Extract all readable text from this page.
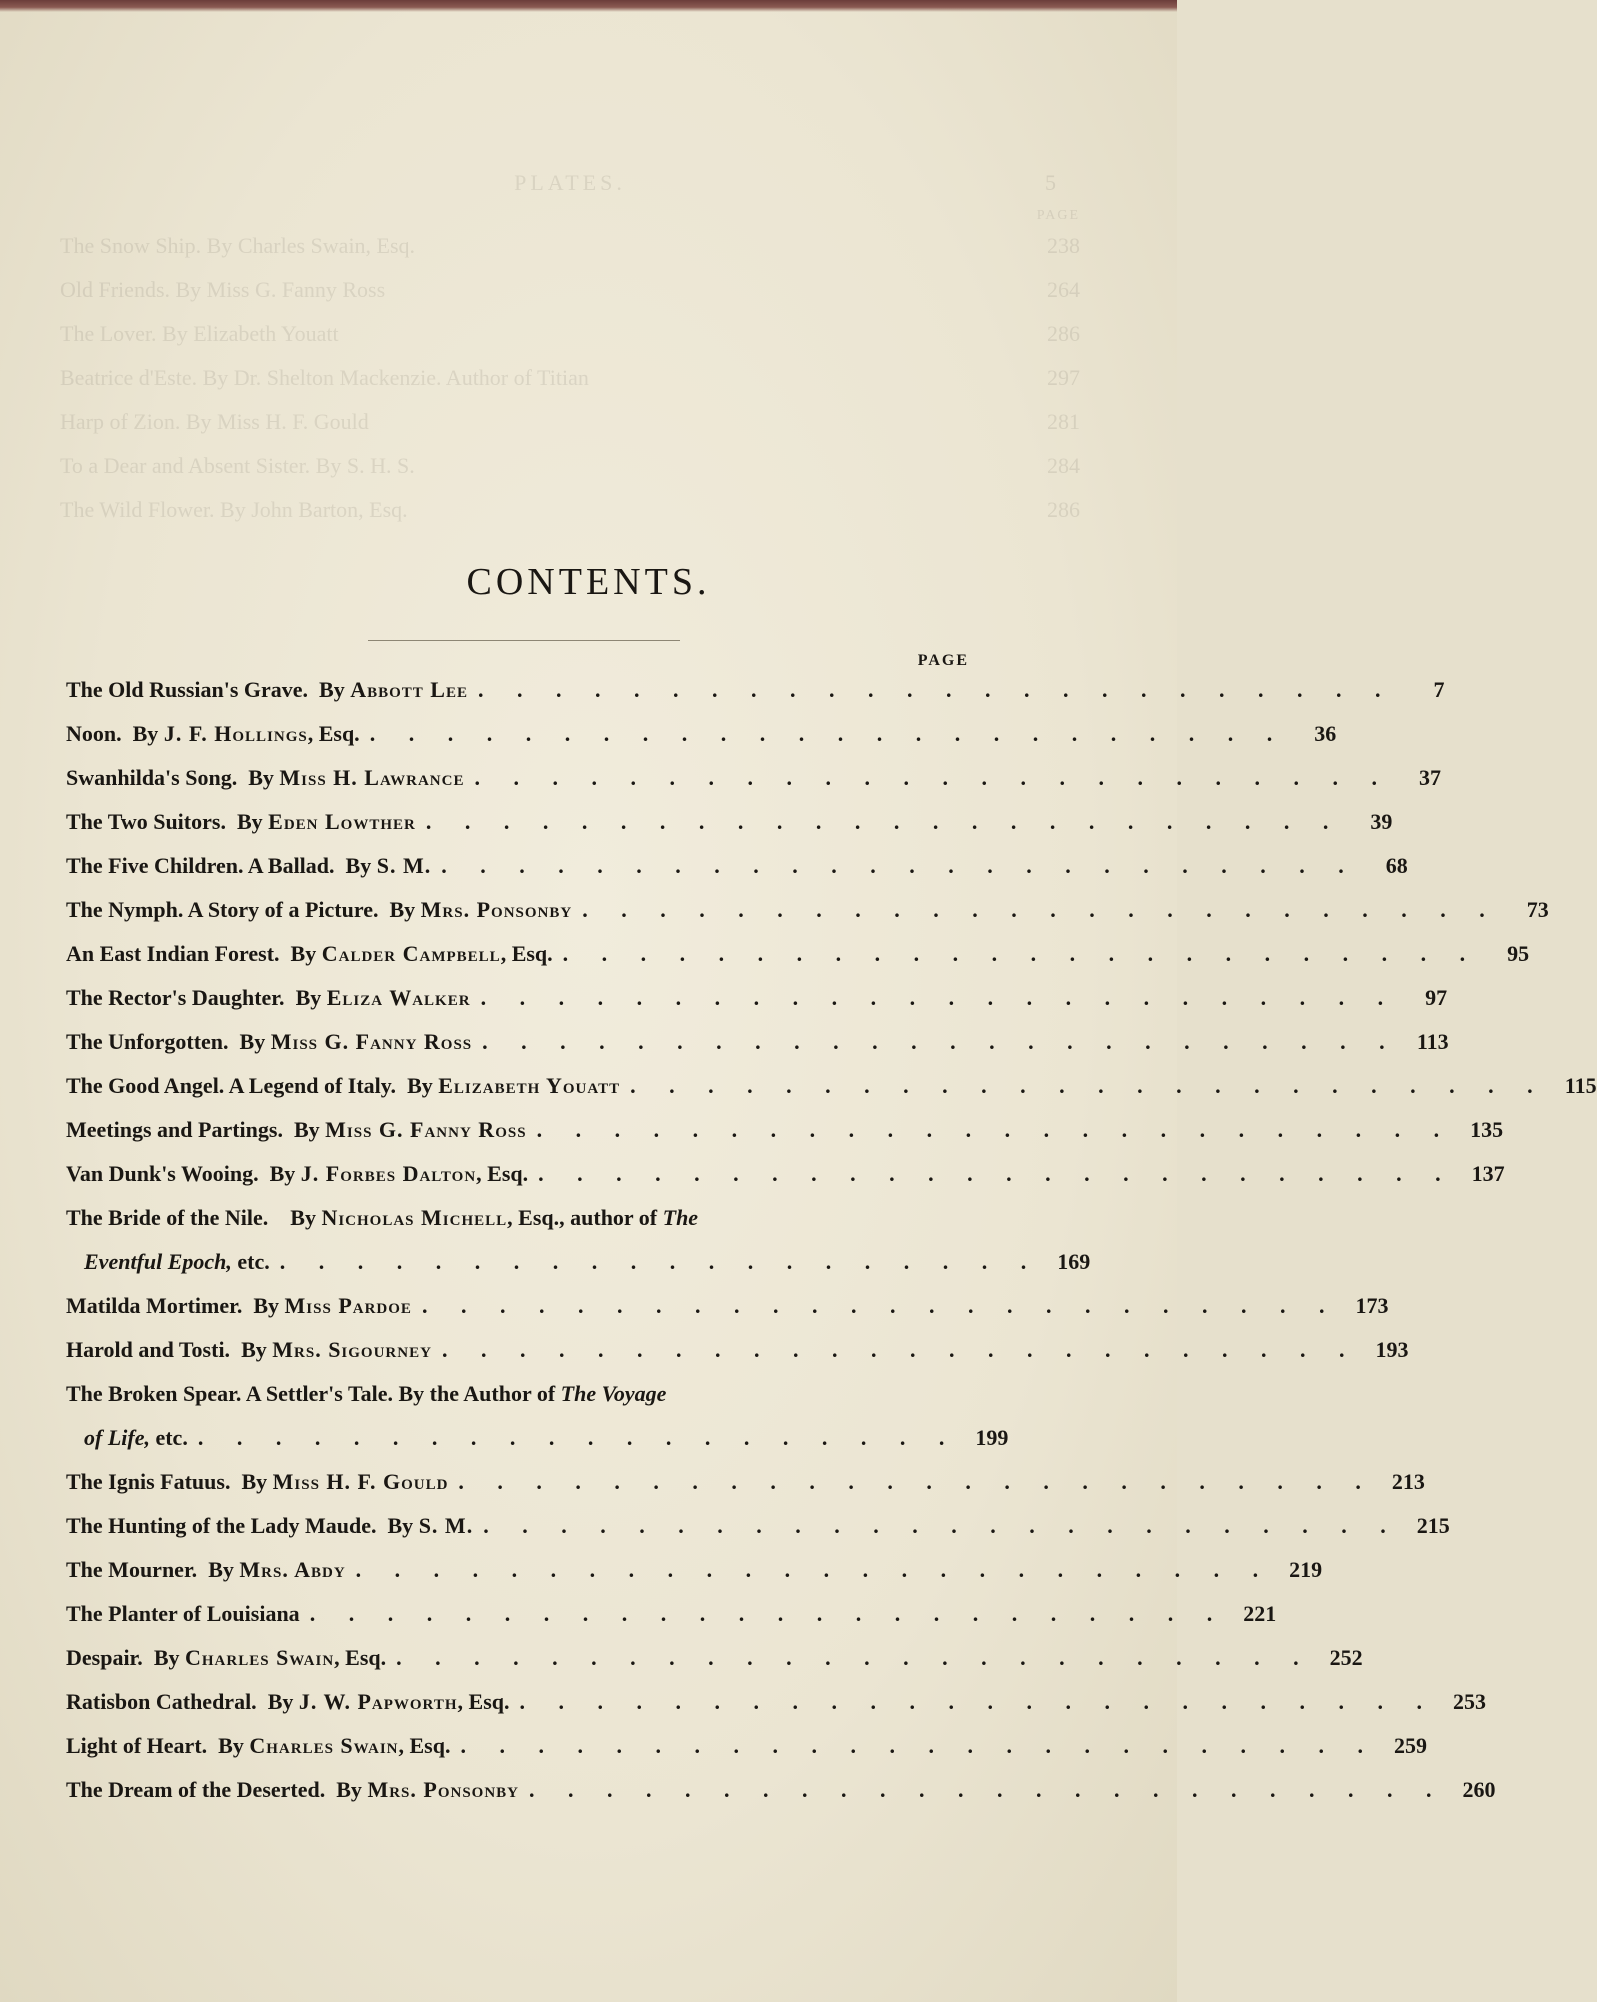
PLATES.	5
PAGE
The Snow Ship. By Charles Swain, Esq.	238
Old Friends. By Miss G. Fanny Ross	264
The Lover. By Elizabeth Youatt	286
Beatrice d'Este. By Dr. Shelton Mackenzie. Author of Titian	297
Harp of Zion. By Miss H. F. Gould	281
To a Dear and Absent Sister. By S. H. S.	284
The Wild Flower. By John Barton, Esq.	286
CONTENTS.
PAGE
The Old Russian's Grave. By Abbott Lee . . . . . . . . . . . . . . . . . . . . . . . .	7
Noon. By J. F. Hollings, Esq. . . . . . . . . . . . . . . . . . . . . . . . .	36
Swanhilda's Song. By Miss H. Lawrance . . . . . . . . . . . . . . . . . . . . . . . .	37
The Two Suitors. By Eden Lowther . . . . . . . . . . . . . . . . . . . . . . . .	39
The Five Children. A Ballad. By S. M. . . . . . . . . . . . . . . . . . . . . . . . .	68
The Nymph. A Story of a Picture. By Mrs. Ponsonby . . . . . . . . . . . . . . . . . . . . . . . .	73
An East Indian Forest. By Calder Campbell, Esq. . . . . . . . . . . . . . . . . . . . . . . . .	95
The Rector's Daughter. By Eliza Walker . . . . . . . . . . . . . . . . . . . . . . . .	97
The Unforgotten. By Miss G. Fanny Ross . . . . . . . . . . . . . . . . . . . . . . . . 113
The Good Angel. A Legend of Italy. By Elizabeth Youatt . . . . . . . . . . . . . . . . . . . . . . . . 115
Meetings and Partings. By Miss G. Fanny Ross . . . . . . . . . . . . . . . . . . . . . . . . 135
Van Dunk's Wooing. By J. Forbes Dalton, Esq. . . . . . . . . . . . . . . . . . . . . . . . . 137
The Bride of the Nile. By Nicholas Michell, Esq., author of The
Eventful Epoch, etc. . . . . . . . . . . . . . . . . . . . . 169
Matilda Mortimer. By Miss Pardoe . . . . . . . . . . . . . . . . . . . . . . . . 173
Harold and Tosti. By Mrs. Sigourney . . . . . . . . . . . . . . . . . . . . . . . . 193
The Broken Spear. A Settler's Tale. By the Author of The Voyage
of Life, etc. . . . . . . . . . . . . . . . . . . . . 199
The Ignis Fatuus. By Miss H. F. Gould . . . . . . . . . . . . . . . . . . . . . . . . 213
The Hunting of the Lady Maude. By S. M. . . . . . . . . . . . . . . . . . . . . . . . . 215
The Mourner. By Mrs. Abdy . . . . . . . . . . . . . . . . . . . . . . . . 219
The Planter of Louisiana . . . . . . . . . . . . . . . . . . . . . . . . 221
Despair. By Charles Swain, Esq. . . . . . . . . . . . . . . . . . . . . . . . . 252
Ratisbon Cathedral. By J. W. Papworth, Esq. . . . . . . . . . . . . . . . . . . . . . . . . 253
Light of Heart. By Charles Swain, Esq. . . . . . . . . . . . . . . . . . . . . . . . . 259
The Dream of the Deserted. By Mrs. Ponsonby . . . . . . . . . . . . . . . . . . . . . . . . 260
